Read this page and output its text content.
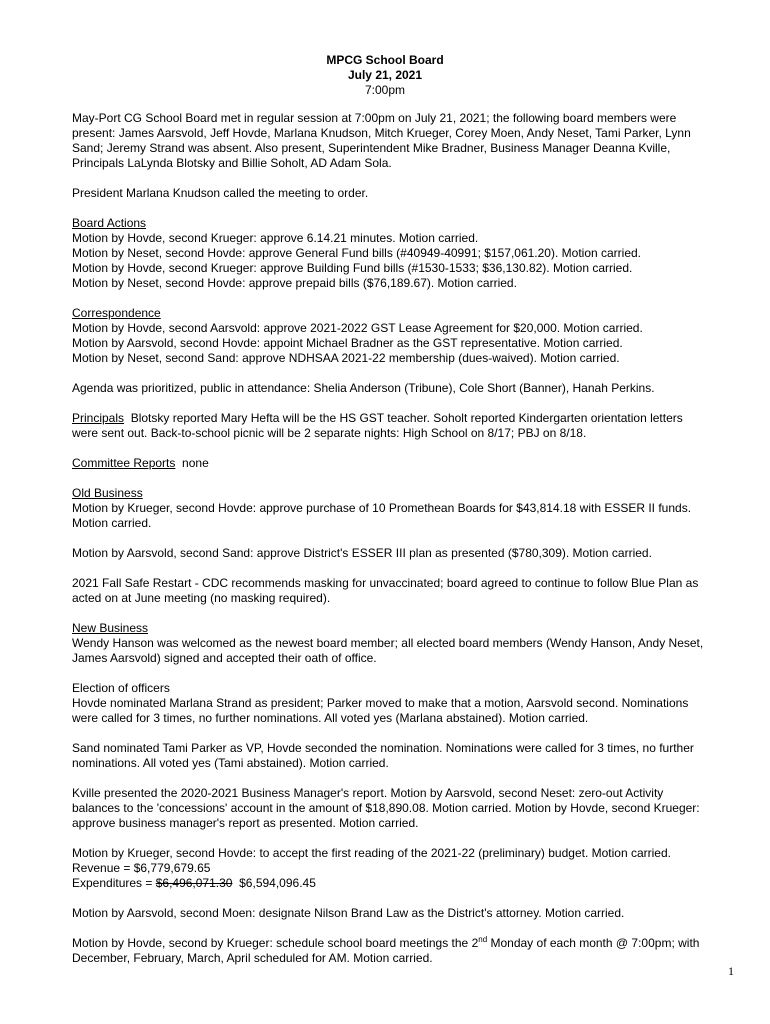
MPCG School Board
July 21, 2021
7:00pm

May-Port CG School Board met in regular session at 7:00pm on July 21, 2021; the following board members were present: James Aarsvold, Jeff Hovde, Marlana Knudson, Mitch Krueger, Corey Moen, Andy Neset, Tami Parker, Lynn Sand; Jeremy Strand was absent. Also present, Superintendent Mike Bradner, Business Manager Deanna Kville, Principals LaLynda Blotsky and Billie Soholt, AD Adam Sola.

President Marlana Knudson called the meeting to order.

Board Actions
Motion by Hovde, second Krueger: approve 6.14.21 minutes. Motion carried.
Motion by Neset, second Hovde: approve General Fund bills (#40949-40991; $157,061.20). Motion carried.
Motion by Hovde, second Krueger: approve Building Fund bills (#1530-1533; $36,130.82). Motion carried.
Motion by Neset, second Hovde: approve prepaid bills ($76,189.67). Motion carried.

Correspondence
Motion by Hovde, second Aarsvold: approve 2021-2022 GST Lease Agreement for $20,000. Motion carried.
Motion by Aarsvold, second Hovde: appoint Michael Bradner as the GST representative. Motion carried.
Motion by Neset, second Sand: approve NDHSAA 2021-22 membership (dues-waived). Motion carried.

Agenda was prioritized, public in attendance: Shelia Anderson (Tribune), Cole Short (Banner), Hanah Perkins.

Principals  Blotsky reported Mary Hefta will be the HS GST teacher. Soholt reported Kindergarten orientation letters were sent out. Back-to-school picnic will be 2 separate nights: High School on 8/17; PBJ on 8/18.

Committee Reports  none

Old Business
Motion by Krueger, second Hovde: approve purchase of 10 Promethean Boards for $43,814.18 with ESSER II funds. Motion carried.

Motion by Aarsvold, second Sand: approve District's ESSER III plan as presented ($780,309). Motion carried.

2021 Fall Safe Restart - CDC recommends masking for unvaccinated; board agreed to continue to follow Blue Plan as acted on at June meeting (no masking required).

New Business
Wendy Hanson was welcomed as the newest board member; all elected board members (Wendy Hanson, Andy Neset, James Aarsvold) signed and accepted their oath of office.

Election of officers
Hovde nominated Marlana Strand as president; Parker moved to make that a motion, Aarsvold second. Nominations were called for 3 times, no further nominations. All voted yes (Marlana abstained). Motion carried.

Sand nominated Tami Parker as VP, Hovde seconded the nomination. Nominations were called for 3 times, no further nominations. All voted yes (Tami abstained). Motion carried.

Kville presented the 2020-2021 Business Manager's report. Motion by Aarsvold, second Neset: zero-out Activity balances to the 'concessions' account in the amount of $18,890.08. Motion carried. Motion by Hovde, second Krueger: approve business manager's report as presented. Motion carried.

Motion by Krueger, second Hovde: to accept the first reading of the 2021-22 (preliminary) budget. Motion carried.
Revenue = $6,779,679.65
Expenditures = $6,496,071.30  $6,594,096.45

Motion by Aarsvold, second Moen: designate Nilson Brand Law as the District's attorney. Motion carried.

Motion by Hovde, second by Krueger: schedule school board meetings the 2nd Monday of each month @ 7:00pm; with December, February, March, April scheduled for AM. Motion carried.

1
